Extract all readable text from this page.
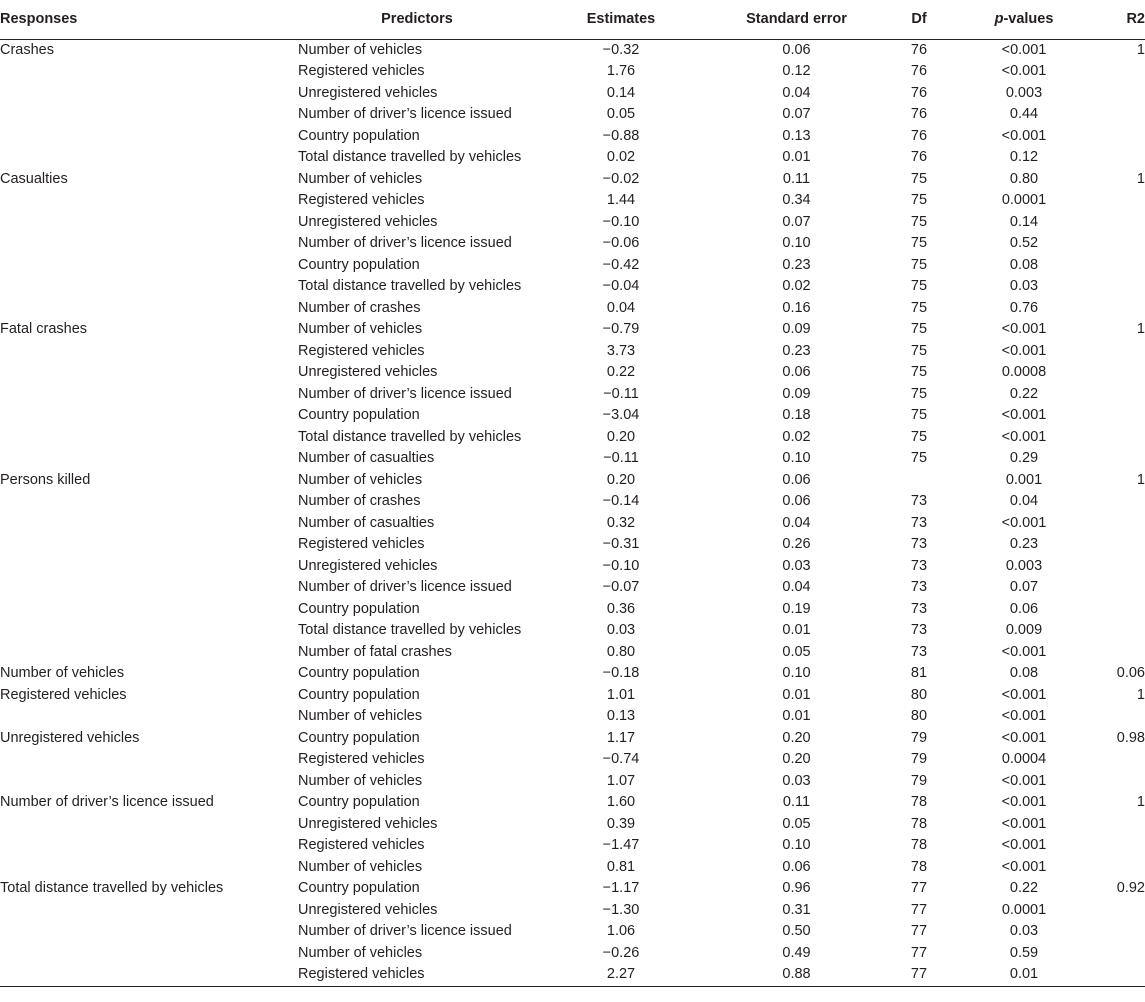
Responses	Predictors	Estimates	Standard error	Df	p-values	R2
Crashes	Number of vehicles	−0.32	0.06	76	<0.001	1
	Registered vehicles	1.76	0.12	76	<0.001	
	Unregistered vehicles	0.14	0.04	76	0.003	
	Number of driver’s licence issued	0.05	0.07	76	0.44	
	Country population	−0.88	0.13	76	<0.001	
	Total distance travelled by vehicles	0.02	0.01	76	0.12	
Casualties	Number of vehicles	−0.02	0.11	75	0.80	1
	Registered vehicles	1.44	0.34	75	0.0001	
	Unregistered vehicles	−0.10	0.07	75	0.14	
	Number of driver’s licence issued	−0.06	0.10	75	0.52	
	Country population	−0.42	0.23	75	0.08	
	Total distance travelled by vehicles	−0.04	0.02	75	0.03	
	Number of crashes	0.04	0.16	75	0.76	
Fatal crashes	Number of vehicles	−0.79	0.09	75	<0.001	1
	Registered vehicles	3.73	0.23	75	<0.001	
	Unregistered vehicles	0.22	0.06	75	0.0008	
	Number of driver’s licence issued	−0.11	0.09	75	0.22	
	Country population	−3.04	0.18	75	<0.001	
	Total distance travelled by vehicles	0.20	0.02	75	<0.001	
	Number of casualties	−0.11	0.10	75	0.29	
Persons killed	Number of vehicles	0.20	0.06		0.001	1
	Number of crashes	−0.14	0.06	73	0.04	
	Number of casualties	0.32	0.04	73	<0.001	
	Registered vehicles	−0.31	0.26	73	0.23	
	Unregistered vehicles	−0.10	0.03	73	0.003	
	Number of driver’s licence issued	−0.07	0.04	73	0.07	
	Country population	0.36	0.19	73	0.06	
	Total distance travelled by vehicles	0.03	0.01	73	0.009	
	Number of fatal crashes	0.80	0.05	73	<0.001	
Number of vehicles	Country population	−0.18	0.10	81	0.08	0.06
Registered vehicles	Country population	1.01	0.01	80	<0.001	1
	Number of vehicles	0.13	0.01	80	<0.001	
Unregistered vehicles	Country population	1.17	0.20	79	<0.001	0.98
	Registered vehicles	−0.74	0.20	79	0.0004	
	Number of vehicles	1.07	0.03	79	<0.001	
Number of driver’s licence issued	Country population	1.60	0.11	78	<0.001	1
	Unregistered vehicles	0.39	0.05	78	<0.001	
	Registered vehicles	−1.47	0.10	78	<0.001	
	Number of vehicles	0.81	0.06	78	<0.001	
Total distance travelled by vehicles	Country population	−1.17	0.96	77	0.22	0.92
	Unregistered vehicles	−1.30	0.31	77	0.0001	
	Number of driver’s licence issued	1.06	0.50	77	0.03	
	Number of vehicles	−0.26	0.49	77	0.59	
	Registered vehicles	2.27	0.88	77	0.01	
